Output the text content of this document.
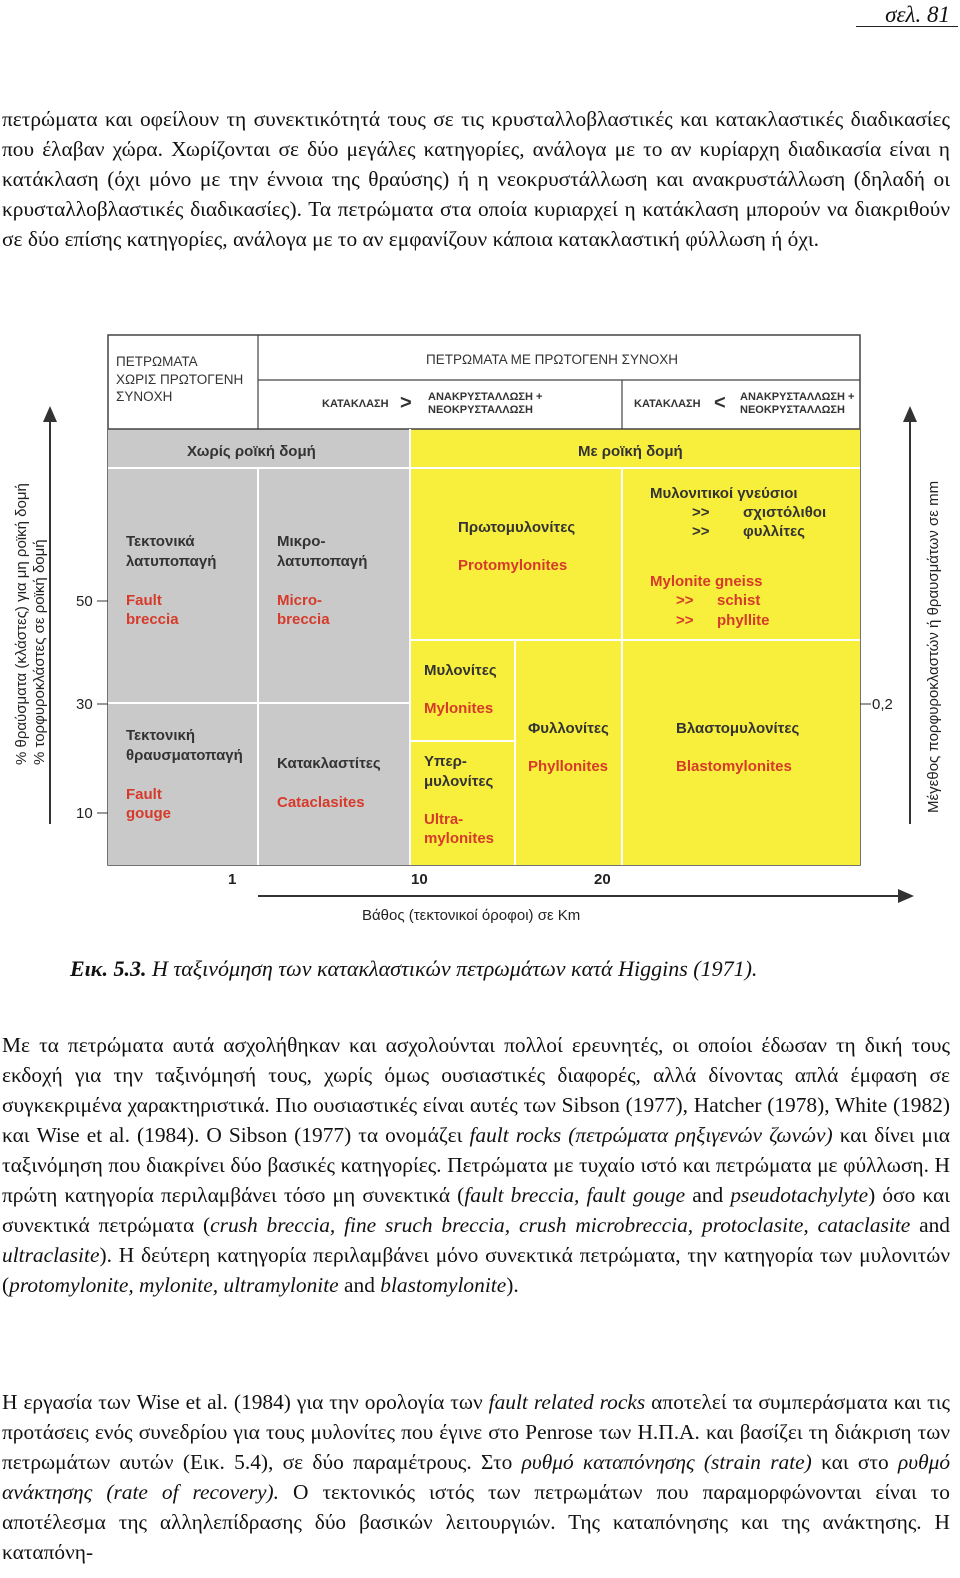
σελ. 81

πετρώματα και οφείλουν τη συνεκτικότητά τους σε τις κρυσταλλοβλαστικές και κατακλαστικές διαδικασίες που έλαβαν χώρα. Χωρίζονται σε δύο μεγάλες κατηγορίες, ανάλογα με το αν κυρίαρχη διαδικασία είναι η κατάκλαση (όχι μόνο με την έννοια της θραύσης) ή η νεοκρυστάλλωση και ανακρυστάλλωση (δηλαδή οι κρυσταλλοβλαστικές διαδικασίες). Τα πετρώματα στα οποία κυριαρχεί η κατάκλαση μπορούν να διακριθούν σε δύο επίσης κατηγορίες, ανάλογα με το αν εμφανίζουν κάποια κατακλαστική φύλλωση ή όχι.

ΠΕΤΡΩΜΑΤΑ
ΧΩΡΙΣ ΠΡΩΤΟΓΕΝΗ
ΣΥΝΟΧΗ
ΠΕΤΡΩΜΑΤΑ ΜΕ ΠΡΩΤΟΓΕΝΗ ΣΥΝΟΧΗ
ΚΑΤΑΚΛΑΣΗ > ΑΝΑΚΡΥΣΤΑΛΛΩΣΗ +
ΝΕΟΚΡΥΣΤΑΛΛΩΣΗ	ΚΑΤΑΚΛΑΣΗ < ΑΝΑΚΡΥΣΤΑΛΛΩΣΗ +
ΝΕΟΚΡΥΣΤΑΛΛΩΣΗ
Χωρίς ροϊκή δομή	Με ροϊκή δομή
Τεκτονικά
λατυποπαγή
Fault
breccia
Μικρο-
λατυποπαγή
Micro-
breccia
Πρωτομυλονίτες
Protomylonites
Μυλονιτικοί γνεύσιοι
>> σχιστόλιθοι
>> φυλλίτες
Mylonite gneiss
>> schist
>> phyllite
Τεκτονική
θραυσματοπαγή
Fault
gouge
Κατακλαστίτες
Cataclasites
Μυλονίτες
Mylonites
Υπερ-
μυλονίτες
Ultra-
mylonites
Φυλλονίτες
Phyllonites
Βλαστομυλονίτες
Blastomylonites
50
30
10
% θραύσματα (κλάστες) για μη ροϊκή δομή % τορφυροκλάστες σε ροϊκή δομή	0,2 Μέγεθος πορφυροκλαστών ή θραυσμάτων σε mm
1	10	20
Βάθος (τεκτονικοί όροφοι) σε Km
Εικ. 5.3. Η ταξινόμηση των κατακλαστικών πετρωμάτων κατά Higgins (1971).

Με τα πετρώματα αυτά ασχολήθηκαν και ασχολούνται πολλοί ερευνητές, οι οποίοι έδωσαν τη δική τους εκδοχή για την ταξινόμησή τους, χωρίς όμως ουσιαστικές διαφορές, αλλά δίνοντας απλά έμφαση σε συγκεκριμένα χαρακτηριστικά. Πιο ουσιαστικές είναι αυτές των Sibson (1977), Hatcher (1978), White (1982) και Wise et al. (1984). Ο Sibson (1977) τα ονομάζει fault rocks (πετρώματα ρηξιγενών ζωνών) και δίνει μια ταξινόμηση που διακρίνει δύο βασικές κατηγορίες. Πετρώματα με τυχαίο ιστό και πετρώματα με φύλλωση. Η πρώτη κατηγορία περιλαμβάνει τόσο μη συνεκτικά (fault breccia, fault gouge and pseudotachylyte) όσο και συνεκτικά πετρώματα (crush breccia, fine sruch breccia, crush microbreccia, protoclasite, cataclasite and ultraclasite). Η δεύτερη κατηγορία περιλαμβάνει μόνο συνεκτικά πετρώματα, την κατηγορία των μυλονιτών (protomylonite, mylonite, ultramylonite and blastomylonite).

Η εργασία των Wise et al. (1984) για την ορολογία των fault related rocks αποτελεί τα συμπεράσματα και τις προτάσεις ενός συνεδρίου για τους μυλονίτες που έγινε στο Penrose των Η.Π.Α. και βασίζει τη διάκριση των πετρωμάτων αυτών (Εικ. 5.4), σε δύο παραμέτρους. Στο ρυθμό καταπόνησης (strain rate) και στο ρυθμό ανάκτησης (rate of recovery). Ο τεκτονικός ιστός των πετρωμάτων που παραμορφώνονται είναι το αποτέλεσμα της αλληλεπίδρασης δύο βασικών λειτουργιών. Της καταπόνησης και της ανάκτησης. Η καταπόνη-
